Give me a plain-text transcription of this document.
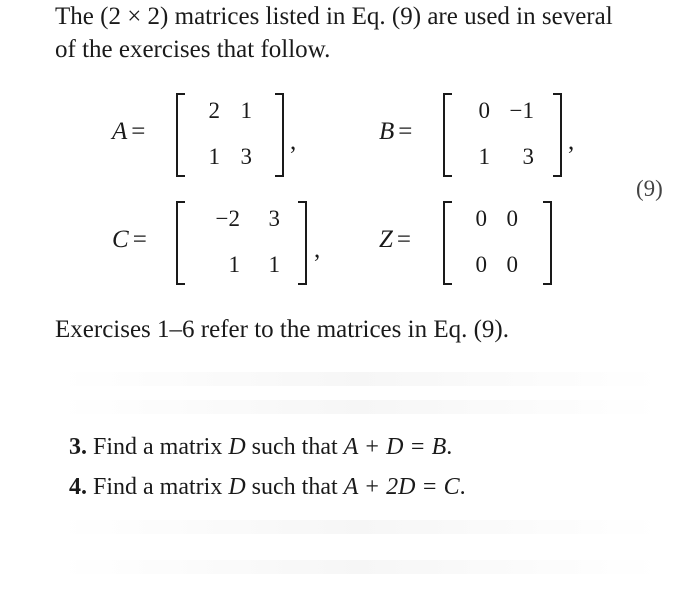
The (2 × 2) matrices listed in Eq. (9) are used in several
of the exercises that follow.
A =
2 1
1 3
,	B =
0 −1
1	3
,
(9)
C =
−2	3
1	1
, Z =
0 0
0 0
Exercises 1–6 refer to the matrices in Eq. (9).
3. Find a matrix D such that A + D = B.
4. Find a matrix D such that A + 2D = C.
